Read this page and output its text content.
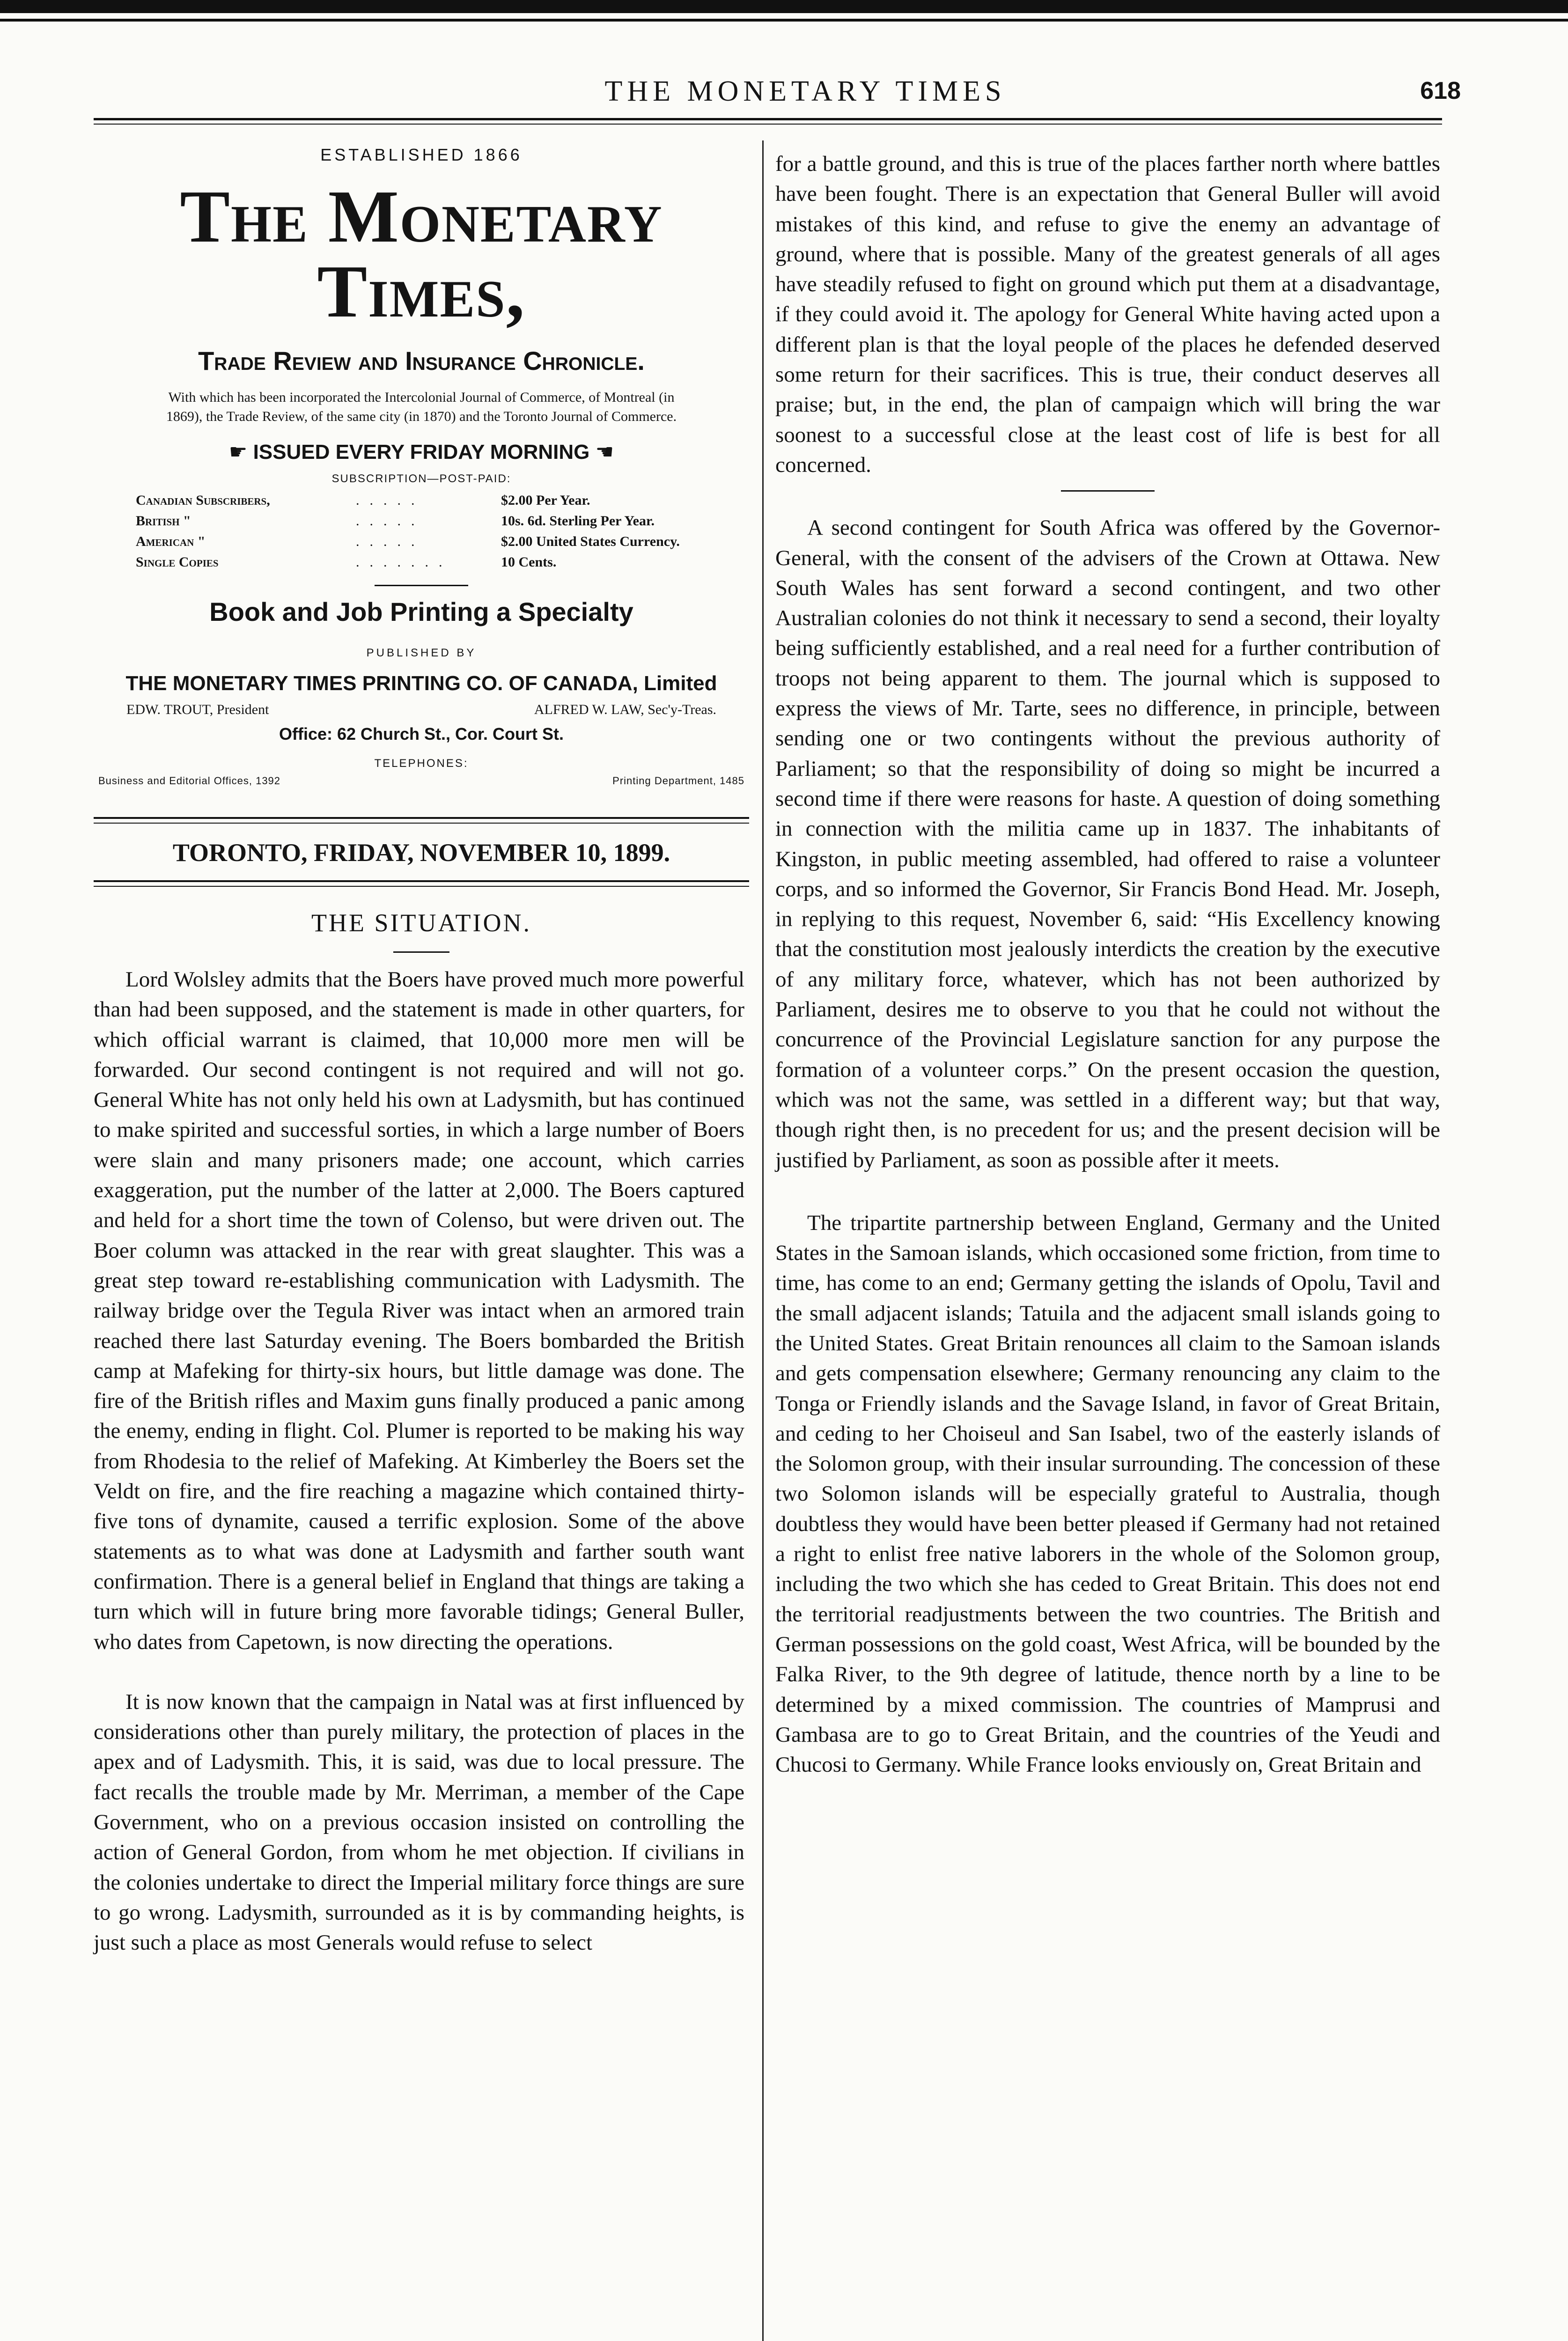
THE MONETARY TIMES	618
ESTABLISHED 1866
The Monetary Times,
Trade Review and Insurance Chronicle.
With which has been incorporated the Intercolonial Journal of Commerce, of Montreal (in 1869), the Trade Review, of the same city (in 1870) and the Toronto Journal of Commerce.
☛ ISSUED EVERY FRIDAY MORNING ☚
SUBSCRIPTION—POST-PAID:
Canadian Subscribers,	.....	$2.00 Per Year.
British "	.....	10s. 6d. Sterling Per Year.
American "	.....	$2.00 United States Currency.
Single Copies	.......	10 Cents.
Book and Job Printing a Specialty
PUBLISHED BY
THE MONETARY TIMES PRINTING CO. OF CANADA, Limited
EDW. TROUT, President	ALFRED W. LAW, Sec'y-Treas.
Office: 62 Church St., Cor. Court St.
TELEPHONES:
Business and Editorial Offices, 1392	Printing Department, 1485
TORONTO, FRIDAY, NOVEMBER 10, 1899.
THE SITUATION.

Lord Wolsley admits that the Boers have proved much more powerful than had been supposed, and the statement is made in other quarters, for which official warrant is claimed, that 10,000 more men will be forwarded. Our second contingent is not required and will not go. General White has not only held his own at Ladysmith, but has continued to make spirited and successful sorties, in which a large number of Boers were slain and many prisoners made; one account, which carries exaggeration, put the number of the latter at 2,000. The Boers captured and held for a short time the town of Colenso, but were driven out. The Boer column was attacked in the rear with great slaughter. This was a great step toward re-establishing communication with Ladysmith. The railway bridge over the Tegula River was intact when an armored train reached there last Saturday evening. The Boers bombarded the British camp at Mafeking for thirty-six hours, but little damage was done. The fire of the British rifles and Maxim guns finally produced a panic among the enemy, ending in flight. Col. Plumer is reported to be making his way from Rhodesia to the relief of Mafeking. At Kimberley the Boers set the Veldt on fire, and the fire reaching a magazine which contained thirty-five tons of dynamite, caused a terrific explosion. Some of the above statements as to what was done at Ladysmith and farther south want confirmation. There is a general belief in England that things are taking a turn which will in future bring more favorable tidings; General Buller, who dates from Capetown, is now directing the operations.

It is now known that the campaign in Natal was at first influenced by considerations other than purely military, the protection of places in the apex and of Ladysmith. This, it is said, was due to local pressure. The fact recalls the trouble made by Mr. Merriman, a member of the Cape Government, who on a previous occasion insisted on controlling the action of General Gordon, from whom he met objection. If civilians in the colonies undertake to direct the Imperial military force things are sure to go wrong. Ladysmith, surrounded as it is by commanding heights, is just such a place as most Generals would refuse to select

for a battle ground, and this is true of the places farther north where battles have been fought. There is an expectation that General Buller will avoid mistakes of this kind, and refuse to give the enemy an advantage of ground, where that is possible. Many of the greatest generals of all ages have steadily refused to fight on ground which put them at a disadvantage, if they could avoid it. The apology for General White having acted upon a different plan is that the loyal people of the places he defended deserved some return for their sacrifices. This is true, their conduct deserves all praise; but, in the end, the plan of campaign which will bring the war soonest to a successful close at the least cost of life is best for all concerned.

A second contingent for South Africa was offered by the Governor-General, with the consent of the advisers of the Crown at Ottawa. New South Wales has sent forward a second contingent, and two other Australian colonies do not think it necessary to send a second, their loyalty being sufficiently established, and a real need for a further contribution of troops not being apparent to them. The journal which is supposed to express the views of Mr. Tarte, sees no difference, in principle, between sending one or two contingents without the previous authority of Parliament; so that the responsibility of doing so might be incurred a second time if there were reasons for haste. A question of doing something in connection with the militia came up in 1837. The inhabitants of Kingston, in public meeting assembled, had offered to raise a volunteer corps, and so informed the Governor, Sir Francis Bond Head. Mr. Joseph, in replying to this request, November 6, said: “His Excellency knowing that the constitution most jealously interdicts the creation by the executive of any military force, whatever, which has not been authorized by Parliament, desires me to observe to you that he could not without the concurrence of the Provincial Legislature sanction for any purpose the formation of a volunteer corps.” On the present occasion the question, which was not the same, was settled in a different way; but that way, though right then, is no precedent for us; and the present decision will be justified by Parliament, as soon as possible after it meets.

The tripartite partnership between England, Germany and the United States in the Samoan islands, which occasioned some friction, from time to time, has come to an end; Germany getting the islands of Opolu, Tavil and the small adjacent islands; Tatuila and the adjacent small islands going to the United States. Great Britain renounces all claim to the Samoan islands and gets compensation elsewhere; Germany renouncing any claim to the Tonga or Friendly islands and the Savage Island, in favor of Great Britain, and ceding to her Choiseul and San Isabel, two of the easterly islands of the Solomon group, with their insular surrounding. The concession of these two Solomon islands will be especially grateful to Australia, though doubtless they would have been better pleased if Germany had not retained a right to enlist free native laborers in the whole of the Solomon group, including the two which she has ceded to Great Britain. This does not end the territorial readjustments between the two countries. The British and German possessions on the gold coast, West Africa, will be bounded by the Falka River, to the 9th degree of latitude, thence north by a line to be determined by a mixed commission. The countries of Mamprusi and Gambasa are to go to Great Britain, and the countries of the Yeudi and Chucosi to Germany. While France looks enviously on, Great Britain and
